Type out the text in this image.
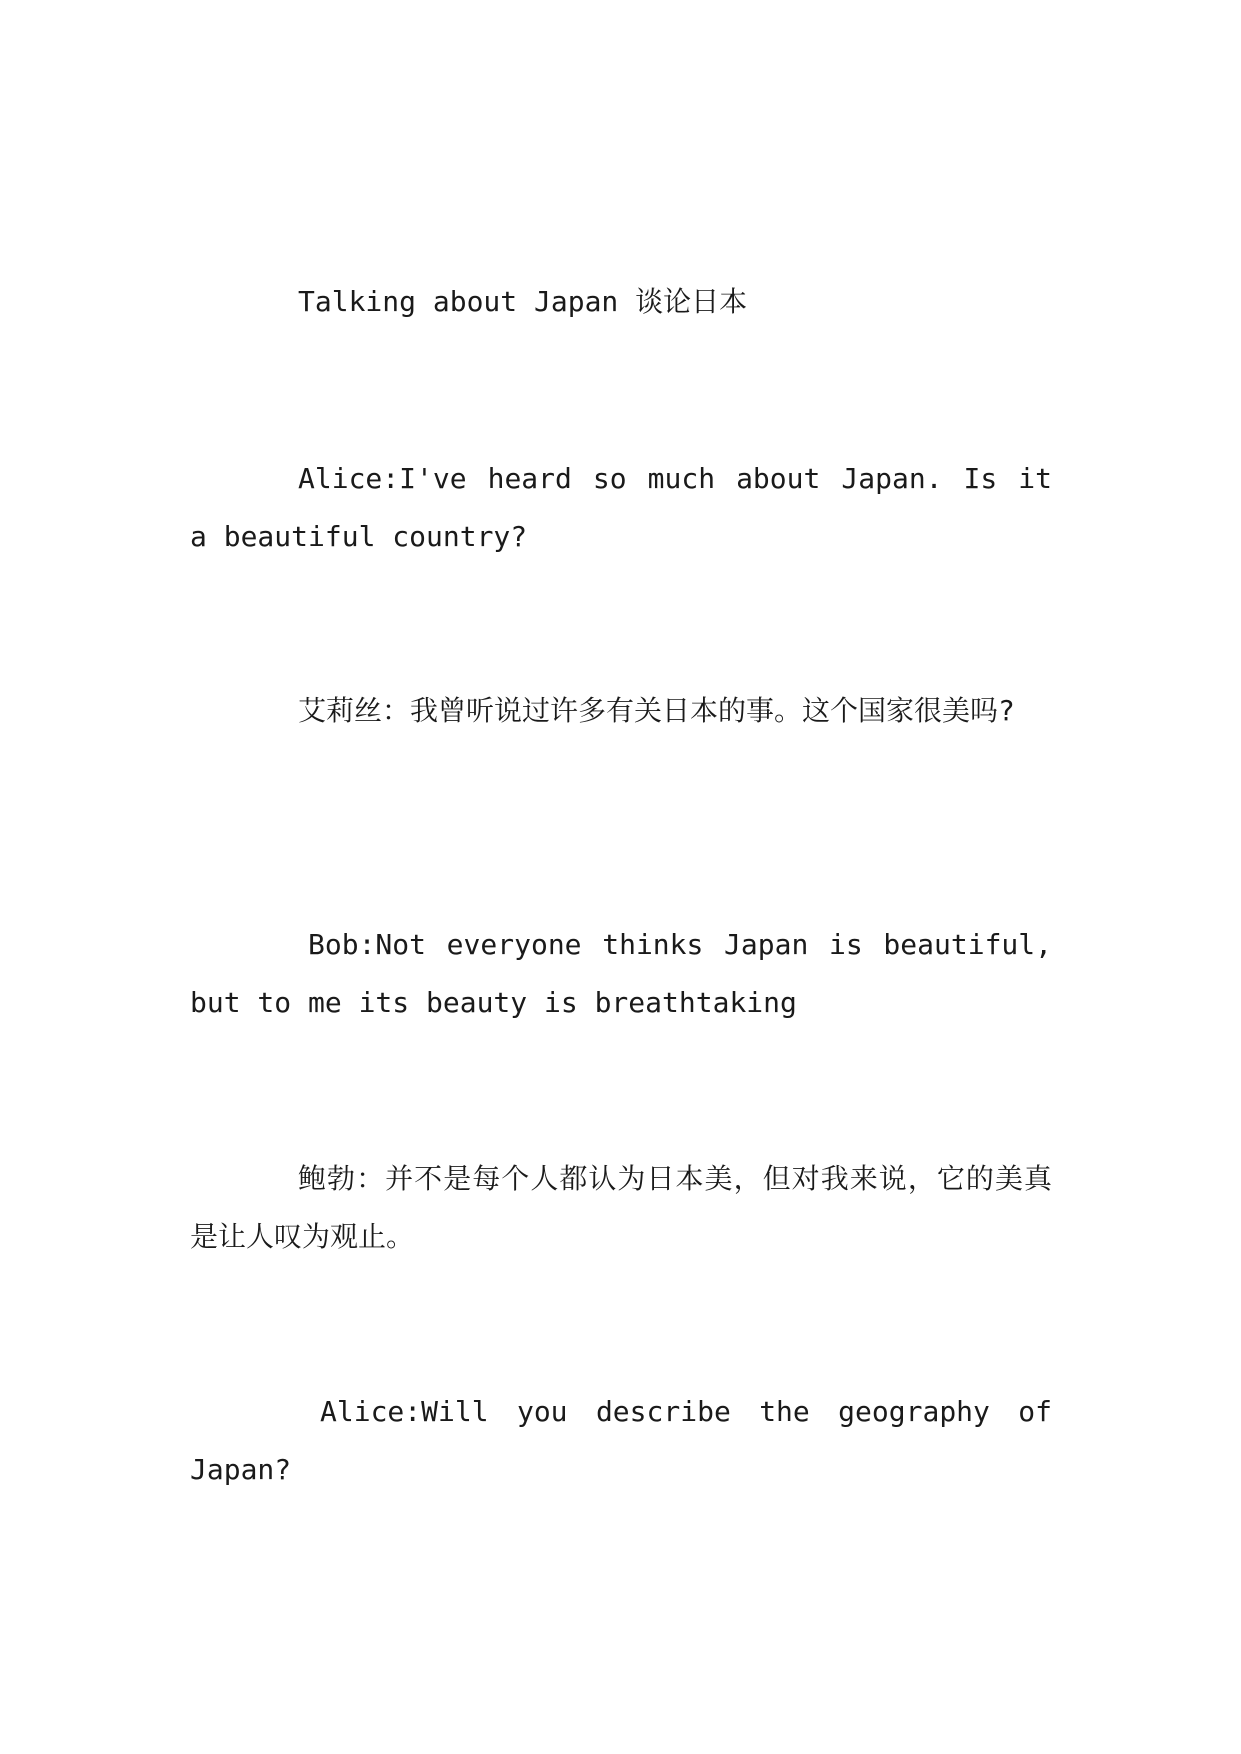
Talking about Japan 谈论日本

Alice:I've heard so much about Japan. Is it a beautiful country?

艾莉丝：我曾听说过许多有关日本的事。这个国家很美吗?

Bob:Not everyone thinks Japan is beautiful, but to me its beauty is breathtaking

鲍勃：并不是每个人都认为日本美，但对我来说，它的美真是让人叹为观止。

Alice:Will you describe the geography of Japan?
